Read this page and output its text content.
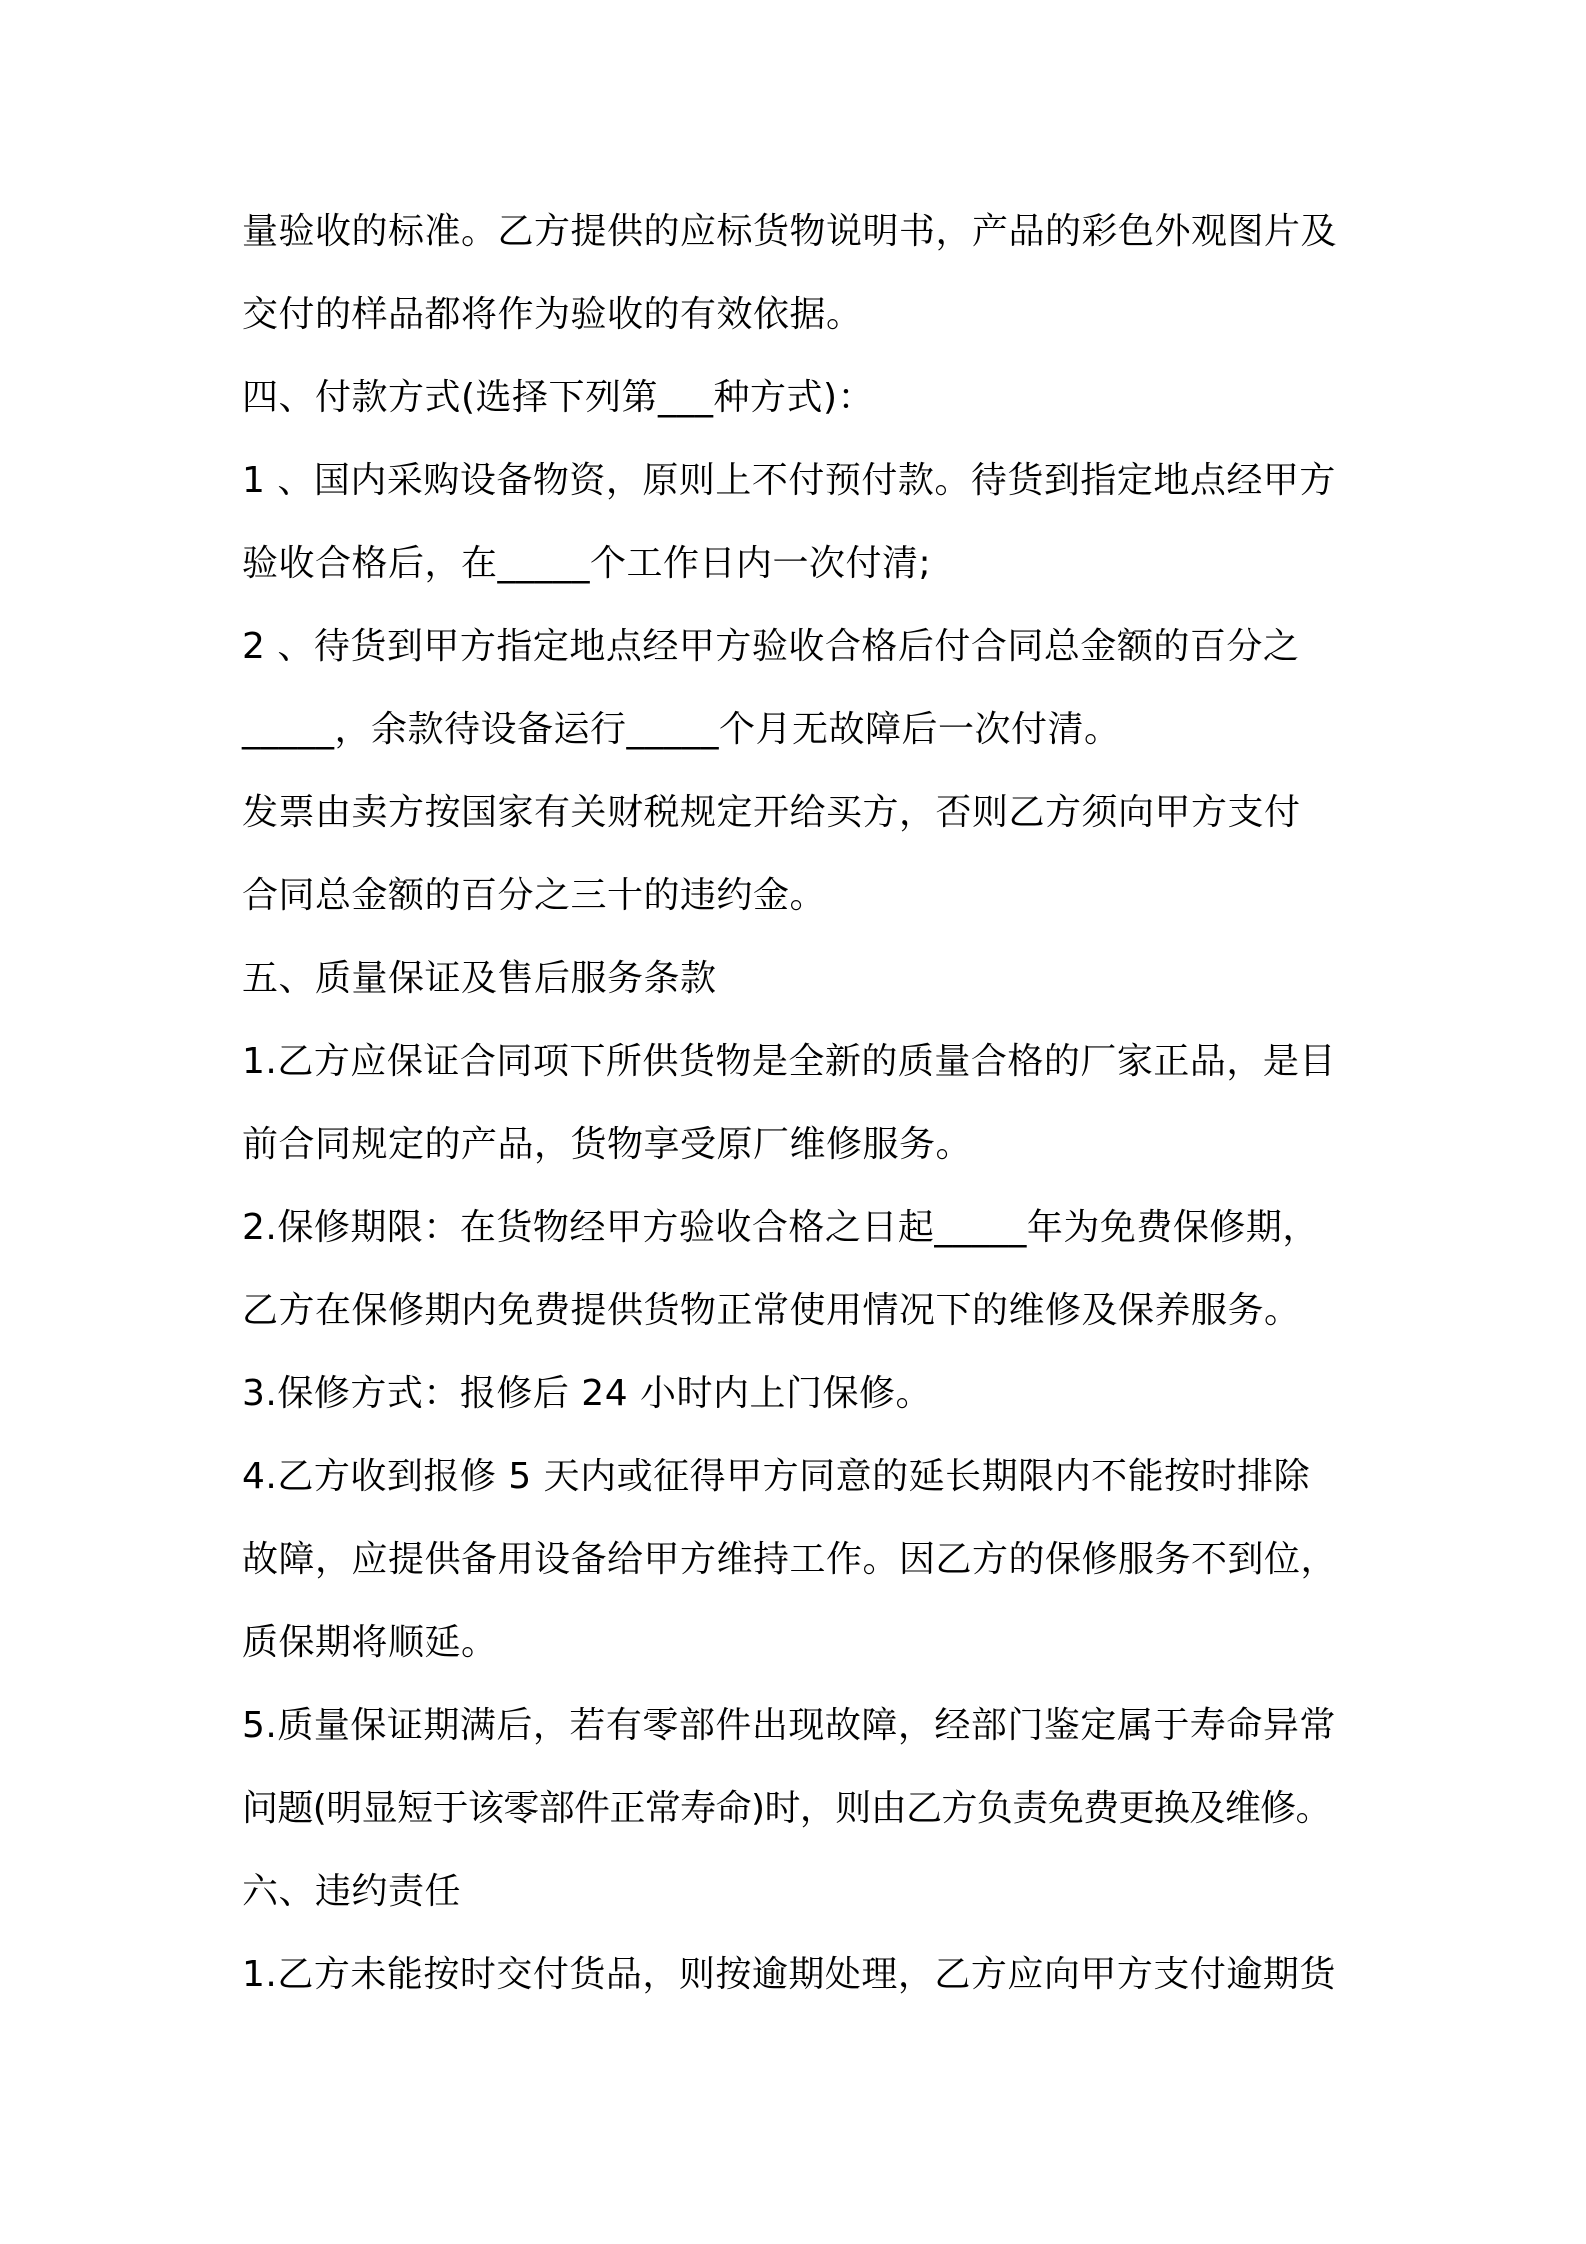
量验收的标准。乙方提供的应标货物说明书，产品的彩色外观图片及
交付的样品都将作为验收的有效依据。
四、付款方式(选择下列第___种方式)：
1 、国内采购设备物资，原则上不付预付款。待货到指定地点经甲方
验收合格后，在_____个工作日内一次付清;
2 、待货到甲方指定地点经甲方验收合格后付合同总金额的百分之
_____，余款待设备运行_____个月无故障后一次付清。
发票由卖方按国家有关财税规定开给买方，否则乙方须向甲方支付
合同总金额的百分之三十的违约金。
五、质量保证及售后服务条款
1.乙方应保证合同项下所供货物是全新的质量合格的厂家正品，是目
前合同规定的产品，货物享受原厂维修服务。
2.保修期限：在货物经甲方验收合格之日起_____年为免费保修期，
乙方在保修期内免费提供货物正常使用情况下的维修及保养服务。
3.保修方式：报修后 24 小时内上门保修。
4.乙方收到报修 5 天内或征得甲方同意的延长期限内不能按时排除
故障，应提供备用设备给甲方维持工作。因乙方的保修服务不到位，
质保期将顺延。
5.质量保证期满后，若有零部件出现故障，经部门鉴定属于寿命异常
问题(明显短于该零部件正常寿命)时，则由乙方负责免费更换及维修。
六、违约责任
1.乙方未能按时交付货品，则按逾期处理，乙方应向甲方支付逾期货
